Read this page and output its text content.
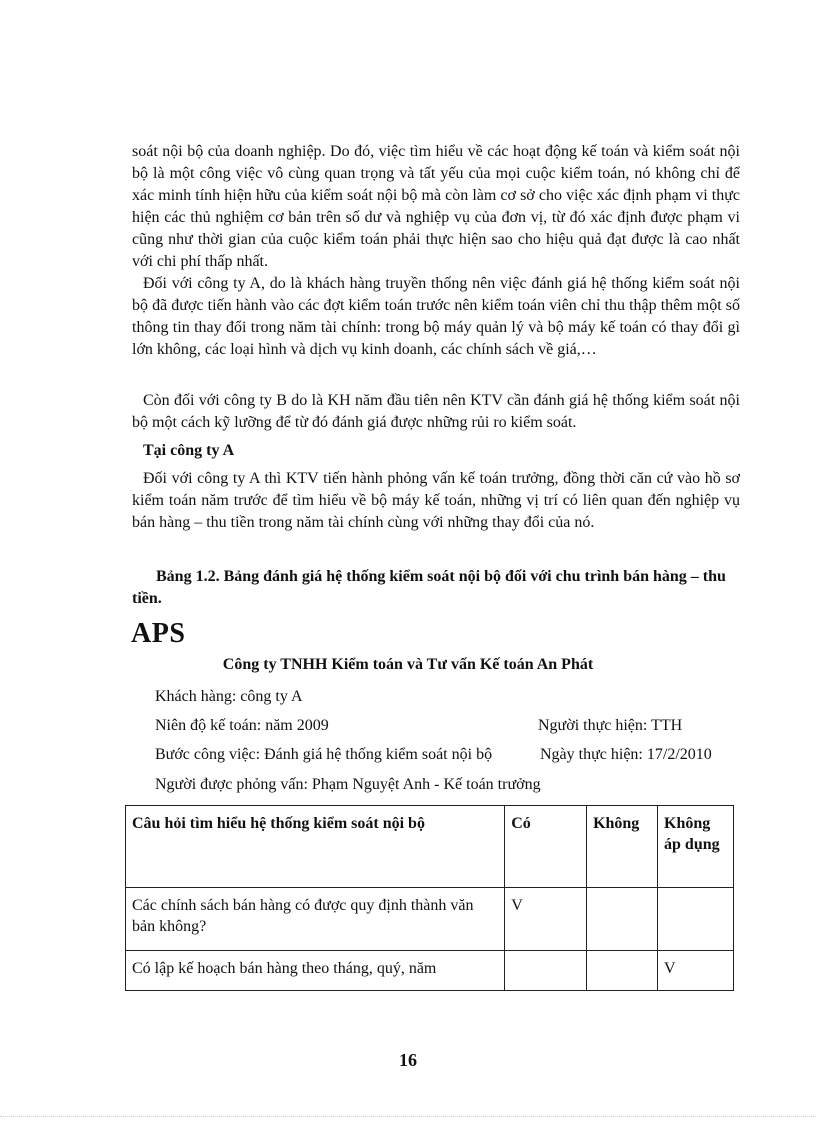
soát nội bộ của doanh nghiệp. Do đó, việc tìm hiểu về các hoạt động kế toán và kiểm soát nội bộ là một công việc vô cùng quan trọng và tất yếu của mọi cuộc kiểm toán, nó không chỉ để xác minh tính hiện hữu của kiểm soát nội bộ mà còn làm cơ sở cho việc xác định phạm vi thực hiện các thủ nghiệm cơ bản trên số dư và nghiệp vụ của đơn vị, từ đó xác định được phạm vi cũng như thời gian của cuộc kiểm toán phải thực hiện sao cho hiệu quả đạt được là cao nhất với chi phí thấp nhất.
Đối với công ty A, do là khách hàng truyền thống nên việc đánh giá hệ thống kiểm soát nội bộ đã được tiến hành vào các đợt kiểm toán trước nên kiểm toán viên chỉ thu thập thêm một số thông tin thay đổi trong năm tài chính: trong bộ máy quản lý và bộ máy kế toán có thay đổi gì lớn không, các loại hình và dịch vụ kinh doanh, các chính sách về giá,…
Còn đối với công ty B do là KH năm đầu tiên nên KTV cần đánh giá hệ thống kiểm soát nội bộ một cách kỹ lưỡng để từ đó đánh giá được những rủi ro kiểm soát.
Tại công ty A
Đối với công ty A thì KTV tiến hành phỏng vấn kế toán trưởng, đồng thời căn cứ vào hồ sơ kiểm toán năm trước để tìm hiểu về bộ máy kế toán, những vị trí có liên quan đến nghiệp vụ bán hàng – thu tiền trong năm tài chính cùng với những thay đổi của nó.
Bảng 1.2. Bảng đánh giá hệ thống kiểm soát nội bộ đối với chu trình bán hàng – thu tiền.
APS
Công ty TNHH Kiểm toán và Tư vấn Kế toán An Phát
Khách hàng: công ty A
Niên độ kế toán: năm 2009	Người thực hiện: TTH
Bước công việc: Đánh giá hệ thống kiểm soát nội bộ	Ngày thực hiện: 17/2/2010
Người được phỏng vấn: Phạm Nguyệt Anh - Kế toán trưởng
Câu hỏi tìm hiểu hệ thống kiểm soát nội bộ	Có	Không	Không áp dụng
Các chính sách bán hàng có được quy định thành văn bản không?	V		
Có lập kế hoạch bán hàng theo tháng, quý, năm			V
16
